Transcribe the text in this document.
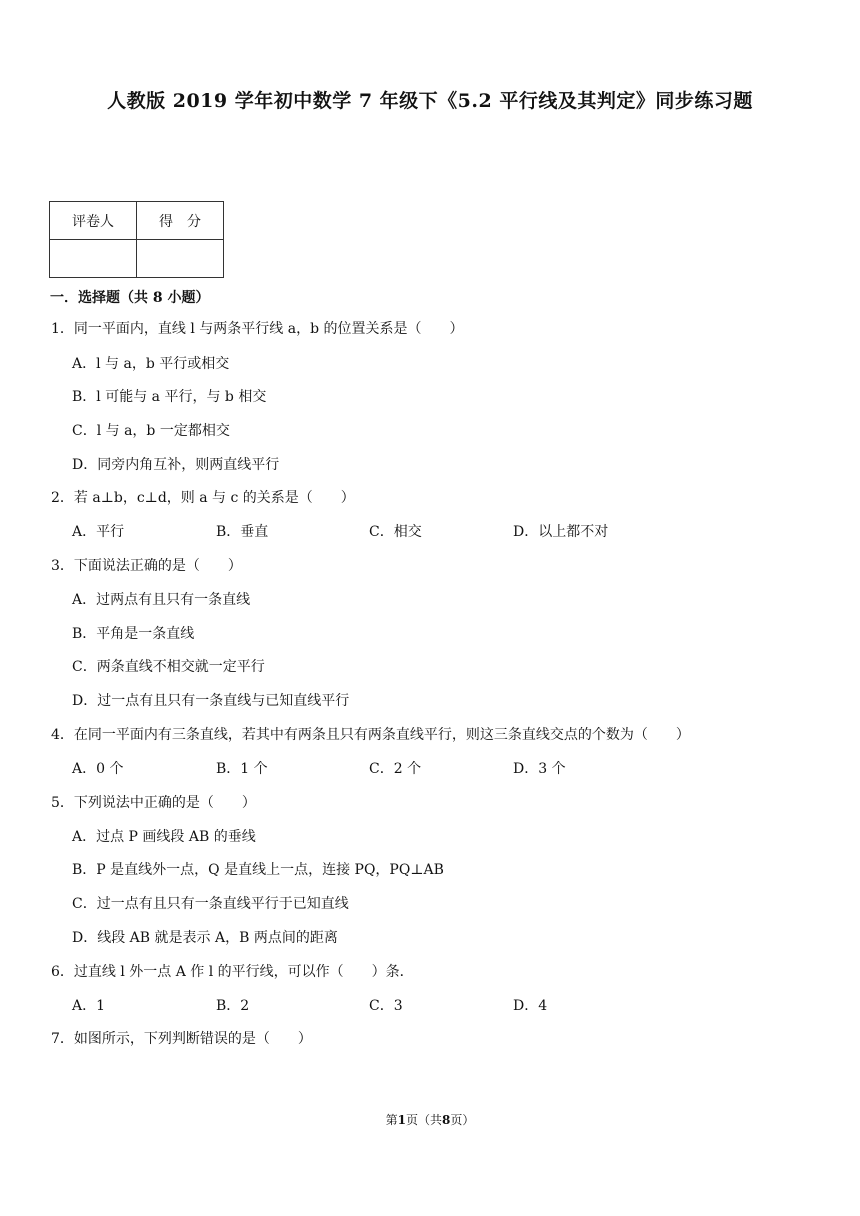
人教版 2019 学年初中数学 7 年级下《5.2 平行线及其判定》同步练习题
评卷人	得　分

一．选择题（共 8 小题）
1．同一平面内，直线 l 与两条平行线 a，b 的位置关系是（　　）
A．l 与 a，b 平行或相交
B．l 可能与 a 平行，与 b 相交
C．l 与 a，b 一定都相交
D．同旁内角互补，则两直线平行
2．若 a⊥b，c⊥d，则 a 与 c 的关系是（　　）
A．平行	B．垂直	C．相交	D．以上都不对
3．下面说法正确的是（　　）
A．过两点有且只有一条直线
B．平角是一条直线
C．两条直线不相交就一定平行
D．过一点有且只有一条直线与已知直线平行
4．在同一平面内有三条直线，若其中有两条且只有两条直线平行，则这三条直线交点的个数为（　　）
A．0 个	B．1 个	C．2 个	D．3 个
5．下列说法中正确的是（　　）
A．过点 P 画线段 AB 的垂线
B．P 是直线外一点，Q 是直线上一点，连接 PQ，PQ⊥AB
C．过一点有且只有一条直线平行于已知直线
D．线段 AB 就是表示 A，B 两点间的距离
6．过直线 l 外一点 A 作 l 的平行线，可以作（　　）条．
A．1	B．2	C．3	D．4
7．如图所示，下列判断错误的是（　　）
第1页（共8页）
